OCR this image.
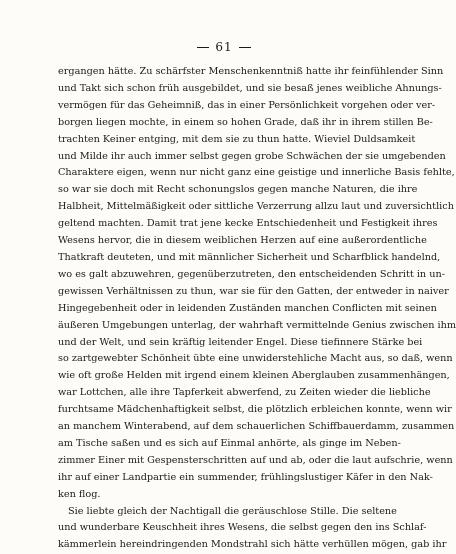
61
ergangen hätte. Zu schärfster Menschenkenntniß hatte ihr feinfühlender Sinn
und Takt sich schon früh ausgebildet, und sie besaß jenes weibliche Ahnungs-
vermögen für das Geheimniß, das in einer Persönlichkeit vorgehen oder ver-
borgen liegen mochte, in einem so hohen Grade, daß ihr in ihrem stillen Be-
trachten Keiner entging, mit dem sie zu thun hatte. Wieviel Duldsamkeit
und Milde ihr auch immer selbst gegen grobe Schwächen der sie umgebenden
Charaktere eigen, wenn nur nicht ganz eine geistige und innerliche Basis fehlte,
so war sie doch mit Recht schonungslos gegen manche Naturen, die ihre
Halbheit, Mittelmäßigkeit oder sittliche Verzerrung allzu laut und zuversichtlich
geltend machten. Damit trat jene kecke Entschiedenheit und Festigkeit ihres
Wesens hervor, die in diesem weiblichen Herzen auf eine außerordentliche
Thatkraft deuteten, und mit männlicher Sicherheit und Scharfblick handelnd,
wo es galt abzuwehren, gegenüberzutreten, den entscheidenden Schritt in un-
gewissen Verhältnissen zu thun, war sie für den Gatten, der entweder in naiver
Hingegebenheit oder in leidenden Zuständen manchen Conflicten mit seinen
äußeren Umgebungen unterlag, der wahrhaft vermittelnde Genius zwischen ihm
und der Welt, und sein kräftig leitender Engel. Diese tiefinnere Stärke bei
so zartgewebter Schönheit übte eine unwiderstehliche Macht aus, so daß, wenn
wie oft große Helden mit irgend einem kleinen Aberglauben zusammenhängen,
war Lottchen, alle ihre Tapferkeit abwerfend, zu Zeiten wieder die liebliche
furchtsame Mädchenhaftigkeit selbst, die plötzlich erbleichen konnte, wenn wir
an manchem Winterabend, auf dem schauerlichen Schiffbauerdamm, zusammen
am Tische saßen und es sich auf Einmal anhörte, als ginge im Neben-
zimmer Einer mit Gespensterschritten auf und ab, oder die laut aufschrie, wenn
ihr auf einer Landpartie ein summender, frühlingslustiger Käfer in den Nak-
ken flog.
Sie liebte gleich der Nachtigall die geräuschlose Stille. Die seltene
und wunderbare Keuschheit ihres Wesens, die selbst gegen den ins Schlaf-
kämmerlein hereindringenden Mondstrahl sich hätte verhüllen mögen, gab ihr
